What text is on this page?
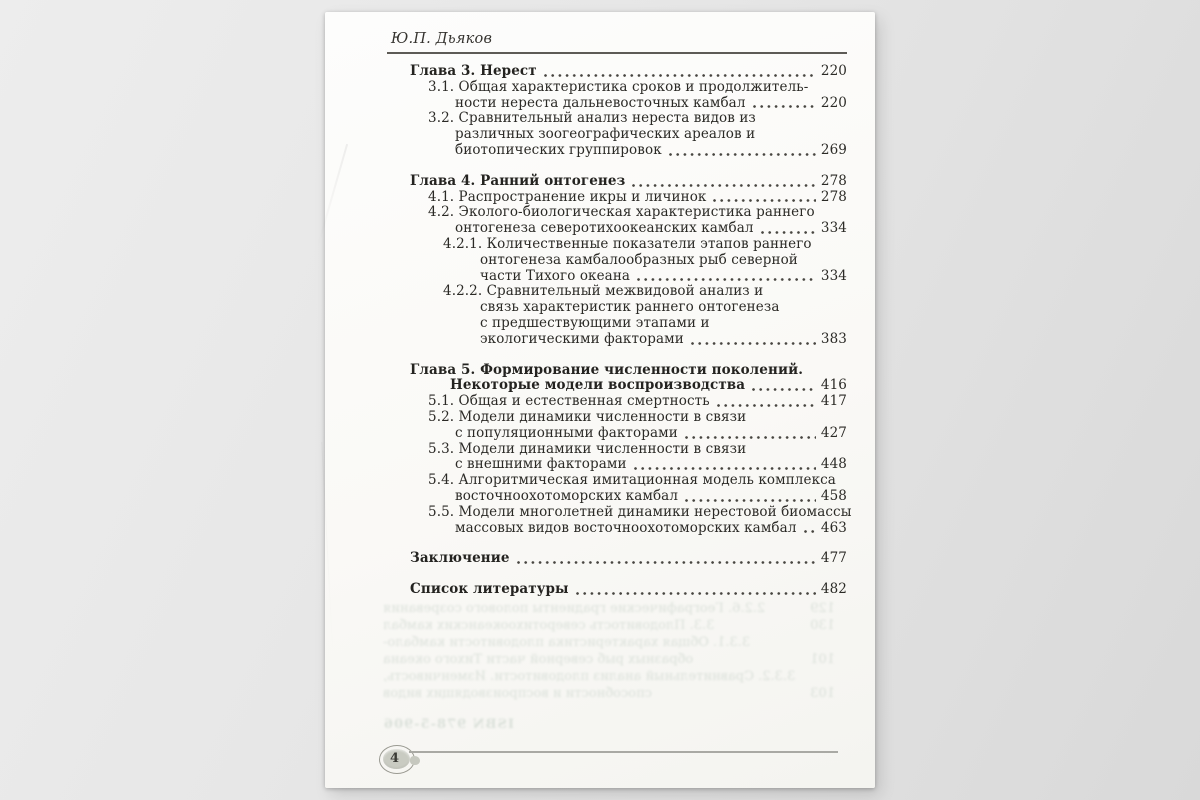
129
2.2.6. Географические градиенты полового созревания
130
3.3. Плодовитость северотихоокеанских камбал
3.3.1. Общая характеристика плодовитости камбало-
101
образных рыб северной части Тихого океана
3.3.2. Сравнительный анализ плодовитости. Изменчивость,
103
способности и воспроизводящих видов
ISBN 978-5-906
Ю.П. Дьяков
Глава 3. Нерест	220
3.1. Общая характеристика сроков и продолжитель-
ности нереста дальневосточных камбал	220
3.2. Сравнительный анализ нереста видов из
различных зоогеографических ареалов и
биотопических группировок	269
Глава 4. Ранний онтогенез	278
4.1. Распространение икры и личинок	278
4.2. Эколого-биологическая характеристика раннего
онтогенеза северотихоокеанских камбал	334
4.2.1. Количественные показатели этапов раннего
онтогенеза камбалообразных рыб северной
части Тихого океана	334
4.2.2. Сравнительный межвидовой анализ и
связь характеристик раннего онтогенеза
с предшествующими этапами и
экологическими факторами	383
Глава 5. Формирование численности поколений.
Некоторые модели воспроизводства	416
5.1. Общая и естественная смертность	417
5.2. Модели динамики численности в связи
с популяционными факторами	427
5.3. Модели динамики численности в связи
с внешними факторами	448
5.4. Алгоритмическая имитационная модель комплекса
восточноохотоморских камбал	458
5.5. Модели многолетней динамики нерестовой биомассы
массовых видов восточноохотоморских камбал 463
Заключение	477
Список литературы	482
4
